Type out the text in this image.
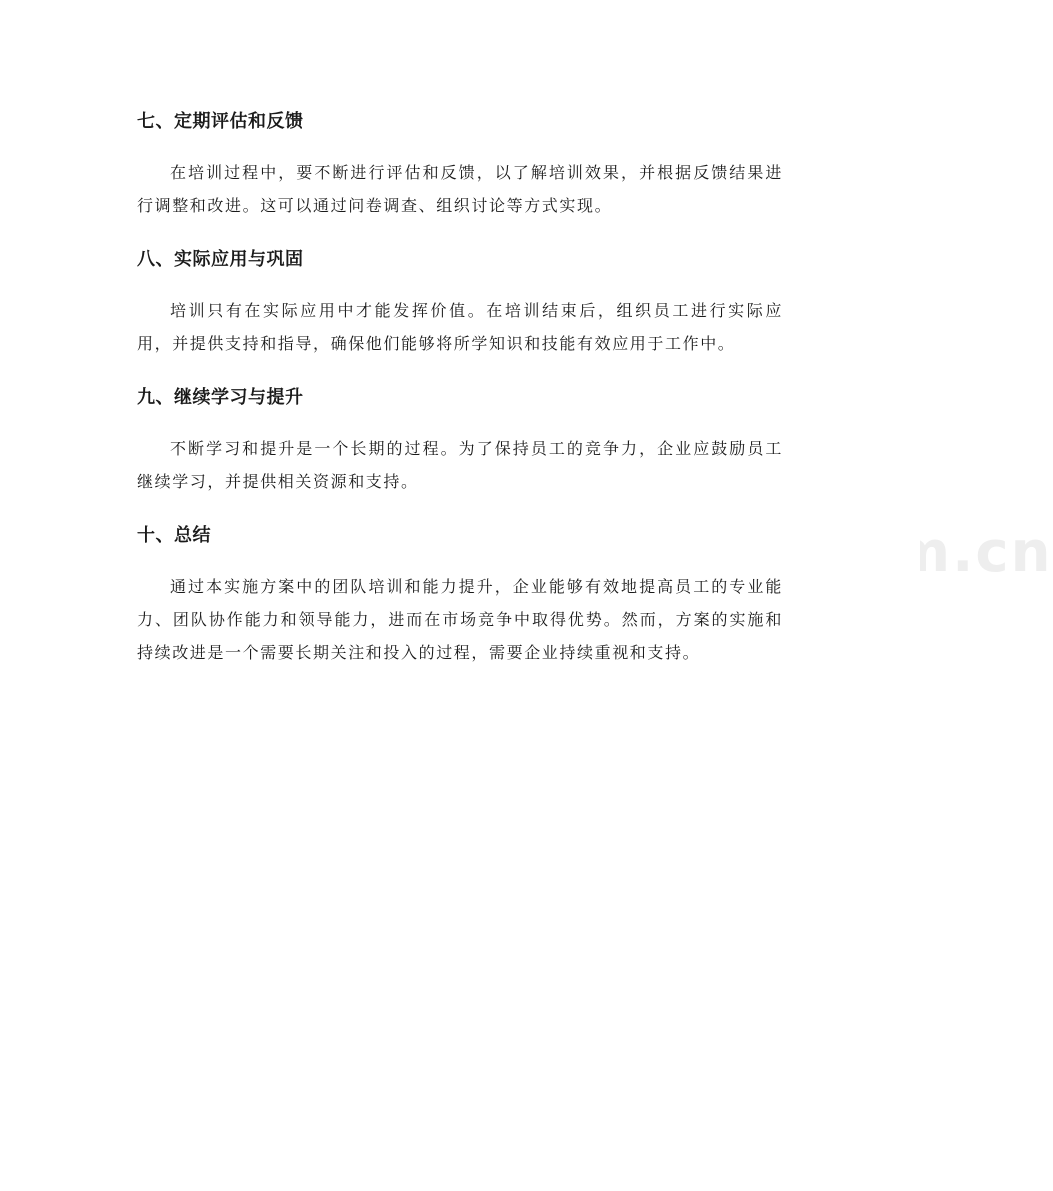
www.zixin.com.cn
七、定期评估和反馈
在培训过程中，要不断进行评估和反馈，以了解培训效果，并根据反馈结果进行调整和改进。这可以通过问卷调查、组织讨论等方式实现。
八、实际应用与巩固
培训只有在实际应用中才能发挥价值。在培训结束后，组织员工进行实际应用，并提供支持和指导，确保他们能够将所学知识和技能有效应用于工作中。
九、继续学习与提升
不断学习和提升是一个长期的过程。为了保持员工的竞争力，企业应鼓励员工继续学习，并提供相关资源和支持。
十、总结
通过本实施方案中的团队培训和能力提升，企业能够有效地提高员工的专业能力、团队协作能力和领导能力，进而在市场竞争中取得优势。然而，方案的实施和持续改进是一个需要长期关注和投入的过程，需要企业持续重视和支持。
